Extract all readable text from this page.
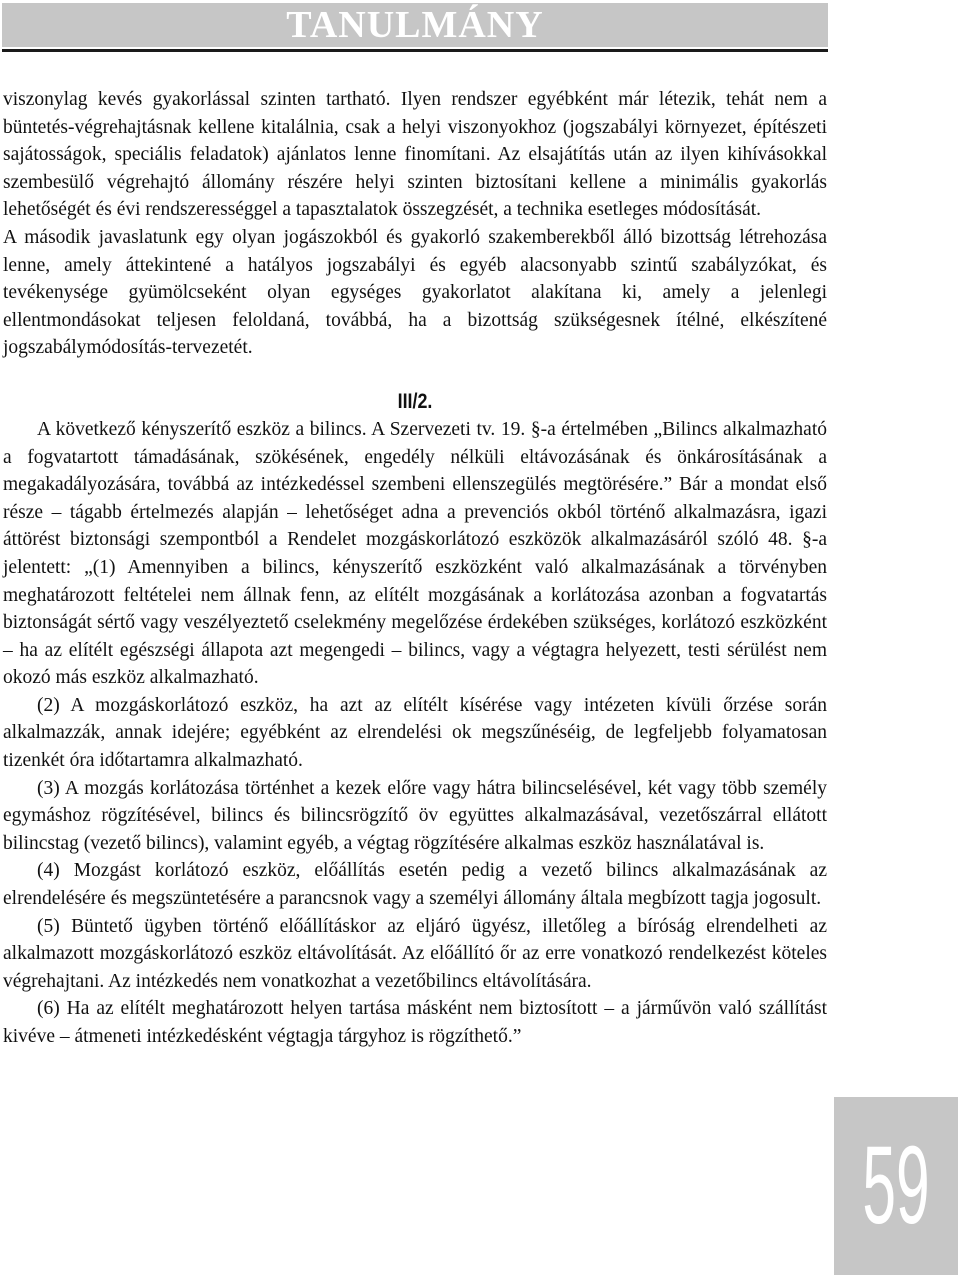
TANULMÁNY

viszonylag kevés gyakorlással szinten tartható. Ilyen rendszer egyébként már létezik, tehát nem a büntetés-végrehajtásnak kellene kitalálnia, csak a helyi viszonyokhoz (jogszabályi környezet, építészeti sajátosságok, speciális feladatok) ajánlatos lenne finomítani. Az elsajátítás után az ilyen kihívásokkal szembesülő végrehajtó állomány részére helyi szinten biztosítani kellene a minimális gyakorlás lehetőségét és évi rendszerességgel a tapasztalatok összegzését, a technika esetleges módosítását.

A második javaslatunk egy olyan jogászokból és gyakorló szakemberekből álló bizottság létrehozása lenne, amely áttekintené a hatályos jogszabályi és egyéb alacsonyabb szintű szabályzókat, és tevékenysége gyümölcseként olyan egységes gyakorlatot alakítana ki, amely a jelenlegi ellentmondásokat teljesen feloldaná, továbbá, ha a bizottság szükségesnek ítélné, elkészítené jogszabálymódosítás-tervezetét.

III/2.

A következő kényszerítő eszköz a bilincs. A Szervezeti tv. 19. §-a értelmében „Bilincs alkalmazható a fogvatartott támadásának, szökésének, engedély nélküli eltávozásának és önkárosításának a megakadályozására, továbbá az intézkedéssel szembeni ellenszegülés megtörésére.” Bár a mondat első része – tágabb értelmezés alapján – lehetőséget adna a prevenciós okból történő alkalmazásra, igazi áttörést biztonsági szempontból a Rendelet mozgáskorlátozó eszközök alkalmazásáról szóló 48. §-a jelentett: „(1) Amennyiben a bilincs, kényszerítő eszközként való alkalmazásának a törvényben meghatározott feltételei nem állnak fenn, az elítélt mozgásának a korlátozása azonban a fogvatartás biztonságát sértő vagy veszélyeztető cselekmény megelőzése érdekében szükséges, korlátozó eszközként – ha az elítélt egészségi állapota azt megengedi – bilincs, vagy a végtagra helyezett, testi sérülést nem okozó más eszköz alkalmazható.

(2) A mozgáskorlátozó eszköz, ha azt az elítélt kísérése vagy intézeten kívüli őrzése során alkalmazzák, annak idejére; egyébként az elrendelési ok megszűnéséig, de legfeljebb folyamatosan tizenkét óra időtartamra alkalmazható.

(3) A mozgás korlátozása történhet a kezek előre vagy hátra bilincselésével, két vagy több személy egymáshoz rögzítésével, bilincs és bilincsrögzítő öv együttes alkalmazásával, vezetőszárral ellátott bilincstag (vezető bilincs), valamint egyéb, a végtag rögzítésére alkalmas eszköz használatával is.

(4) Mozgást korlátozó eszköz, előállítás esetén pedig a vezető bilincs alkalmazásának az elrendelésére és megszüntetésére a parancsnok vagy a személyi állomány általa megbízott tagja jogosult.

(5) Büntető ügyben történő előállításkor az eljáró ügyész, illetőleg a bíróság elrendelheti az alkalmazott mozgáskorlátozó eszköz eltávolítását. Az előállító őr az erre vonatkozó rendelkezést köteles végrehajtani. Az intézkedés nem vonatkozhat a vezetőbilincs eltávolítására.

(6) Ha az elítélt meghatározott helyen tartása másként nem biztosított – a járművön való szállítást kivéve – átmeneti intézkedésként végtagja tárgyhoz is rögzíthető.”

59
